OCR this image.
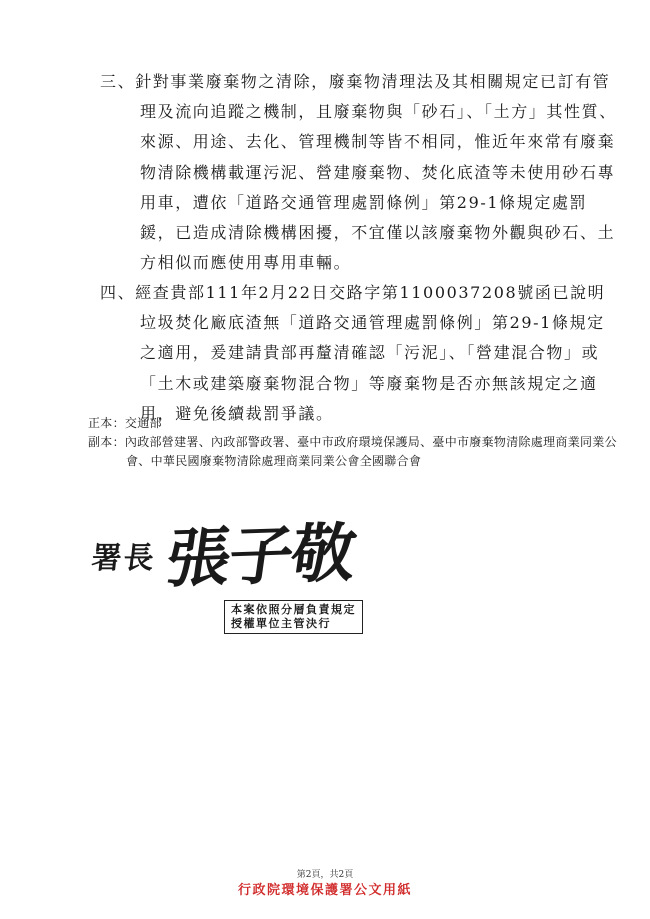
三、針對事業廢棄物之清除，廢棄物清理法及其相關規定已訂有管理及流向追蹤之機制，且廢棄物與「砂石」、「土方」其性質、來源、用途、去化、管理機制等皆不相同，惟近年來常有廢棄物清除機構載運污泥、營建廢棄物、焚化底渣等未使用砂石專用車，遭依「道路交通管理處罰條例」第29-1條規定處罰鍰，已造成清除機構困擾，不宜僅以該廢棄物外觀與砂石、土方相似而應使用專用車輛。
四、經查貴部111年2月22日交路字第1100037208號函已說明垃圾焚化廠底渣無「道路交通管理處罰條例」第29-1條規定之適用，爰建請貴部再釐清確認「污泥」、「營建混合物」或「土木或建築廢棄物混合物」等廢棄物是否亦無該規定之適用，避免後續裁罰爭議。
正本：交通部
副本：內政部營建署、內政部警政署、臺中市政府環境保護局、臺中市廢棄物清除處理商業同業公會、中華民國廢棄物清除處理商業同業公會全國聯合會
署長 張子敬
本案依照分層負責規定
授權單位主管決行
第2頁，共2頁
行政院環境保護署公文用紙
